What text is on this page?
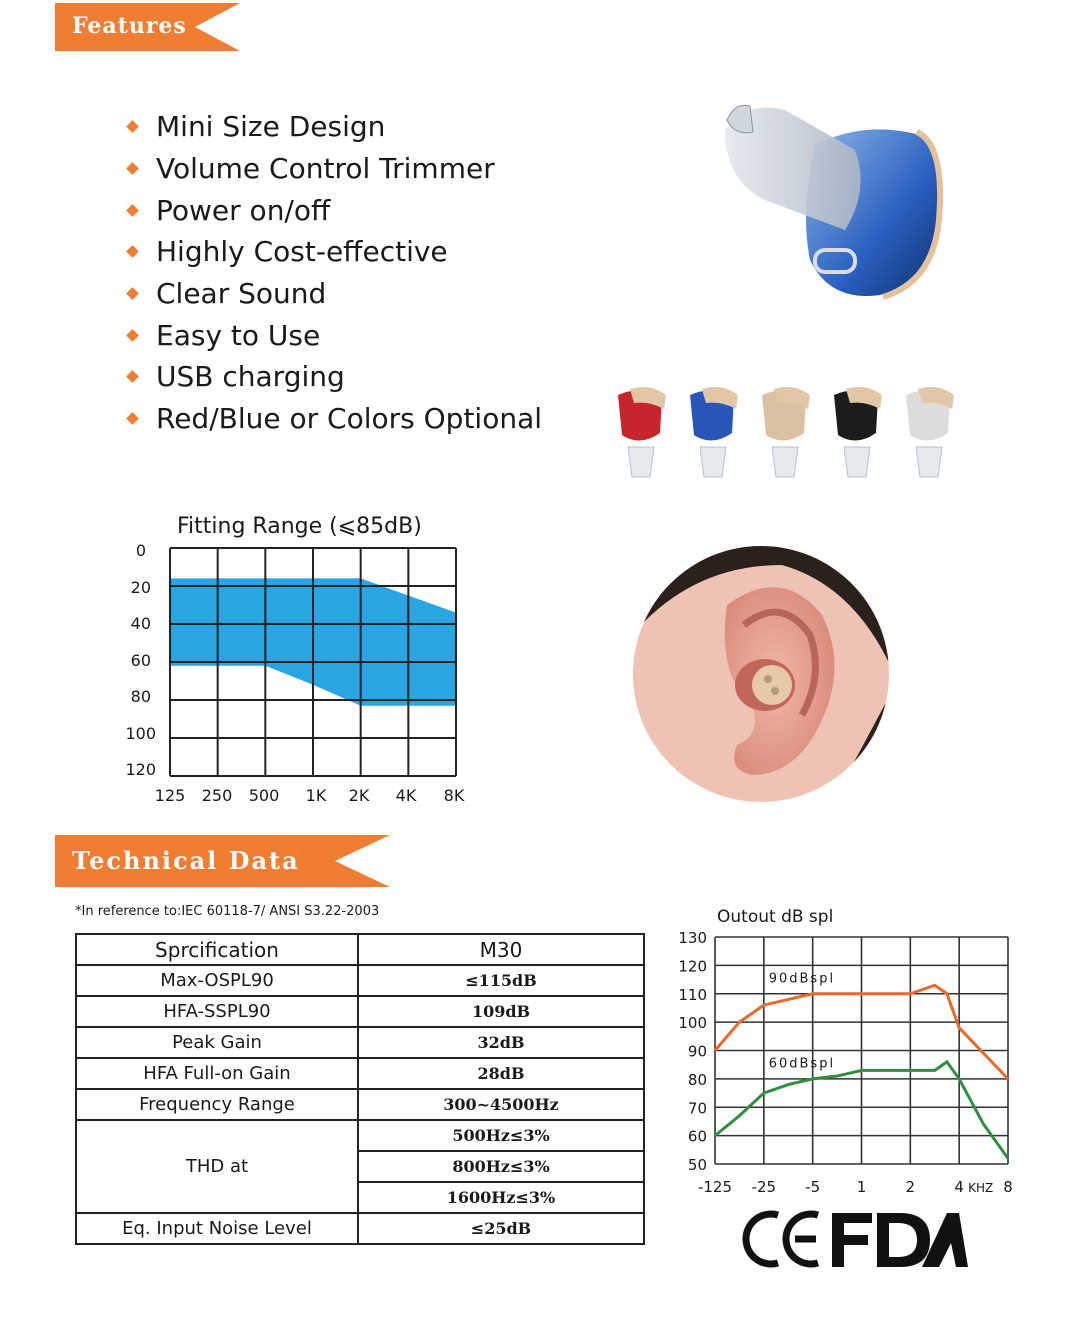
Features
Mini Size Design
Volume Control Trimmer
Power on/off
Highly Cost-effective
Clear Sound
Easy to Use
USB charging
Red/Blue or Colors Optional
Fitting Range (⩽85dB)
0
20
40
60
80
100
120
125	250	500	1K	2K	4K	8K
Technical Data
*In reference to:IEC 60118-7/ ANSI S3.22-2003
Sprcification	M30
Max-OSPL90	≤115dB
HFA-SSPL90	109dB
Peak Gain	32dB
HFA Full-on Gain	28dB
Frequency Range	300~4500Hz
THD at	500Hz≤3%
	800Hz≤3%
	1600Hz≤3%
Eq. Input Noise Level	≤25dB
Outout dB spl
50
60
70
80
90
100
110
120
130
-125 -25 -5 1	2	4 KHZ 8
90dBspl
60dBspl
